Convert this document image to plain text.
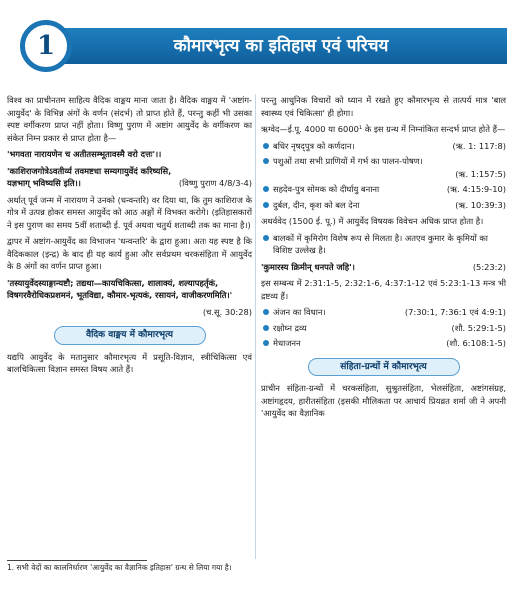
कौमारभृत्य का इतिहास एवं परिचय
1

विश्व का प्राचीनतम साहित्य वैदिक वाङ्मय माना जाता है। वैदिक वाङ्मय में 'अष्टांग-आयुर्वेद' के विभिन्न अंगों के वर्णन (संदर्भ) तो प्राप्त होते हैं, परन्तु कहीं भी उसका स्पष्ट वर्गीकरण प्राप्त नहीं होता। विष्णु पुराण में अष्टांग आयुर्वेद के वर्गीकरण का संकेत निम्न प्रकार से प्राप्त होता है—

'भगवता नारायणेन च अतीतसम्भूतावस्मै वरो दत्तः'।।
'काशिराजगोत्रेऽवतीर्य्य तवमष्टधा सम्यगायुर्वेदं करिष्यसि,
यज्ञभाग् भविष्यसि इति।।	(विष्णु पुराण 4/8/3-4)

अर्थात् पूर्व जन्म में नारायण ने उनको (धन्वन्तरि) वर दिया था, कि तुम काशिराज के गोत्र में उत्पन्न होकर समस्त आयुर्वेद को आठ अङ्गों में विभक्त करोगे। (इतिहासकारों ने इस पुराण का समय 5वीं शताब्दी ई. पूर्व अथवा चतुर्थ शताब्दी तक का माना है।)

द्वापर में अष्टांग-आयुर्वेद का विभाजन 'धन्वन्तरि' के द्वारा हुआ। अतः यह स्पष्ट है कि वैदिककाल (इन्द्र) के बाद ही यह कार्य हुआ और सर्वप्रथम चरकसंहिता में आयुर्वेद के 8 अंगों का वर्णन प्राप्त हुआ।

'तस्यायुर्वेदस्याङ्गान्यष्टौ; तद्यथा—कायचिकित्सा, शालाक्यं, शल्यापहर्तृकं, विषगरवैरोधिकप्रशमनं, भूतविद्या, कौमार-भृत्यकं, रसायनं, वाजीकरणमिति।'
(च.सू. 30:28)
वैदिक वाङ्मय में कौमारभृत्य

यद्यपि आयुर्वेद के मतानुसार कौमारभृत्य में प्रसूति-विज्ञान, स्त्रीचिकित्सा एवं बालचिकित्सा विज्ञान समस्त विषय आते हैं।

परन्तु आधुनिक विचारों को ध्यान में रखते हुए कौमारभृत्य से तात्पर्य मात्र 'बाल स्वास्थ्य एवं चिकित्सा' ही होगा।

ऋग्वेद—ई.पू. 4000 या 6000¹ के इस ग्रन्थ में निम्नांकित सन्दर्भ प्राप्त होते हैं—

बधिर नृषद्पुत्र को कर्णदान।	(ऋ. 1: 117:8)
पशुओं तथा सभी प्राणियों में गर्भ का पालन-पोषण।
(ऋ. 1:157:5)
सहदेव-पुत्र सोमक को दीर्घायु बनाना	(ऋ. 4:15:9-10)
दुर्बल, दीन, कृश को बल देना	(ऋ. 10:39:3)

अथर्ववेद (1500 ई. पू.) में आयुर्वेद विषयक विवेचन अधिक प्राप्त होता है।

बालकों में कृमिरोग विशेष रूप से मिलता है। अतएव कुमार के कृमियों का विशिष्ट उल्लेख है।
'कुमारस्य क्रिमीन् धनपते जहि'।	(5:23:2)

इस सम्बन्ध में 2:31:1-5, 2:32:1-6, 4:37:1-12 एवं 5:23:1-13 मन्त्र भी द्रष्टव्य हैं।

अंजन का विधान।	(7:30:1, 7:36:1 एवं 4:9:1)
रक्षोघ्न द्रव्य	(शौ. 5:29:1-5)
मेधाजनन	(शौ. 6:108:1-5)
संहिता-ग्रन्थों में कौमारभृत्य

प्राचीन संहिता-ग्रन्थों में चरकसंहिता, सुश्रुतसंहिता, भेलसंहिता, अष्टांगसंग्रह, अष्टांगहृदय, हारीतसंहिता (इसकी मौलिकता पर आचार्य प्रियव्रत शर्मा जी ने अपनी 'आयुर्वेद का वैज्ञानिक

1. सभी वेदों का कालनिर्धारण 'आयुर्वेद का वैज्ञानिक इतिहास' ग्रन्थ से लिया गया है।
